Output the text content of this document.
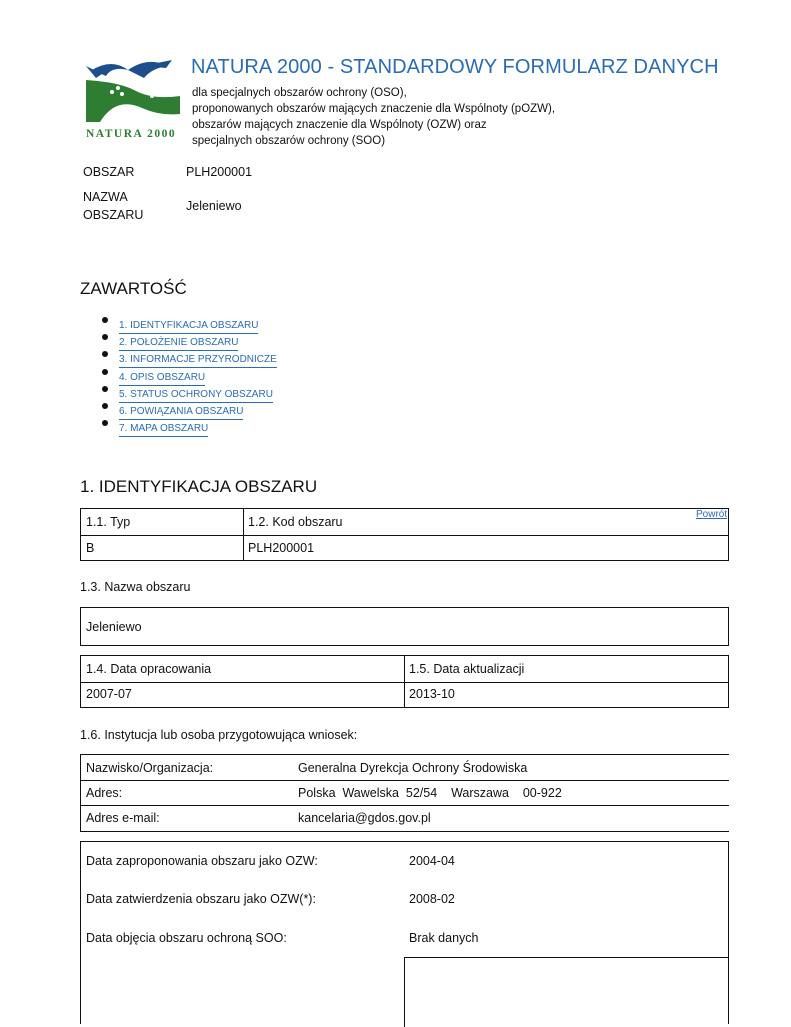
NATURA 2000
NATURA 2000 - STANDARDOWY FORMULARZ DANYCH
dla specjalnych obszarów ochrony (OSO),
proponowanych obszarów mających znaczenie dla Wspólnoty (pOZW),
obszarów mających znaczenie dla Wspólnoty (OZW) oraz
specjalnych obszarów ochrony (SOO)
OBSZAR	PLH200001
NAZWA
OBSZARU
Jeleniewo
ZAWARTOŚĆ
1. IDENTYFIKACJA OBSZARU
2. POŁOŻENIE OBSZARU
3. INFORMACJE PRZYRODNICZE
4. OPIS OBSZARU
5. STATUS OCHRONY OBSZARU
6. POWIĄZANIA OBSZARU
7. MAPA OBSZARU
1. IDENTYFIKACJA OBSZARU
Powrót
1.1. Typ	1.2. Kod obszaru
B	PLH200001
1.3. Nazwa obszaru
Jeleniewo
1.4. Data opracowania	1.5. Data aktualizacji
2007-07	2013-10
1.6. Instytucja lub osoba przygotowująca wniosek:
Nazwisko/Organizacja:	Generalna Dyrekcja Ochrony Środowiska
Adres:	Polska  Wawelska  52/54    Warszawa    00-922
Adres e-mail:	kancelaria@gdos.gov.pl
Data zaproponowania obszaru jako OZW:	2004-04
Data zatwierdzenia obszaru jako OZW(*):	2008-02
Data objęcia obszaru ochroną SOO:	Brak danych
